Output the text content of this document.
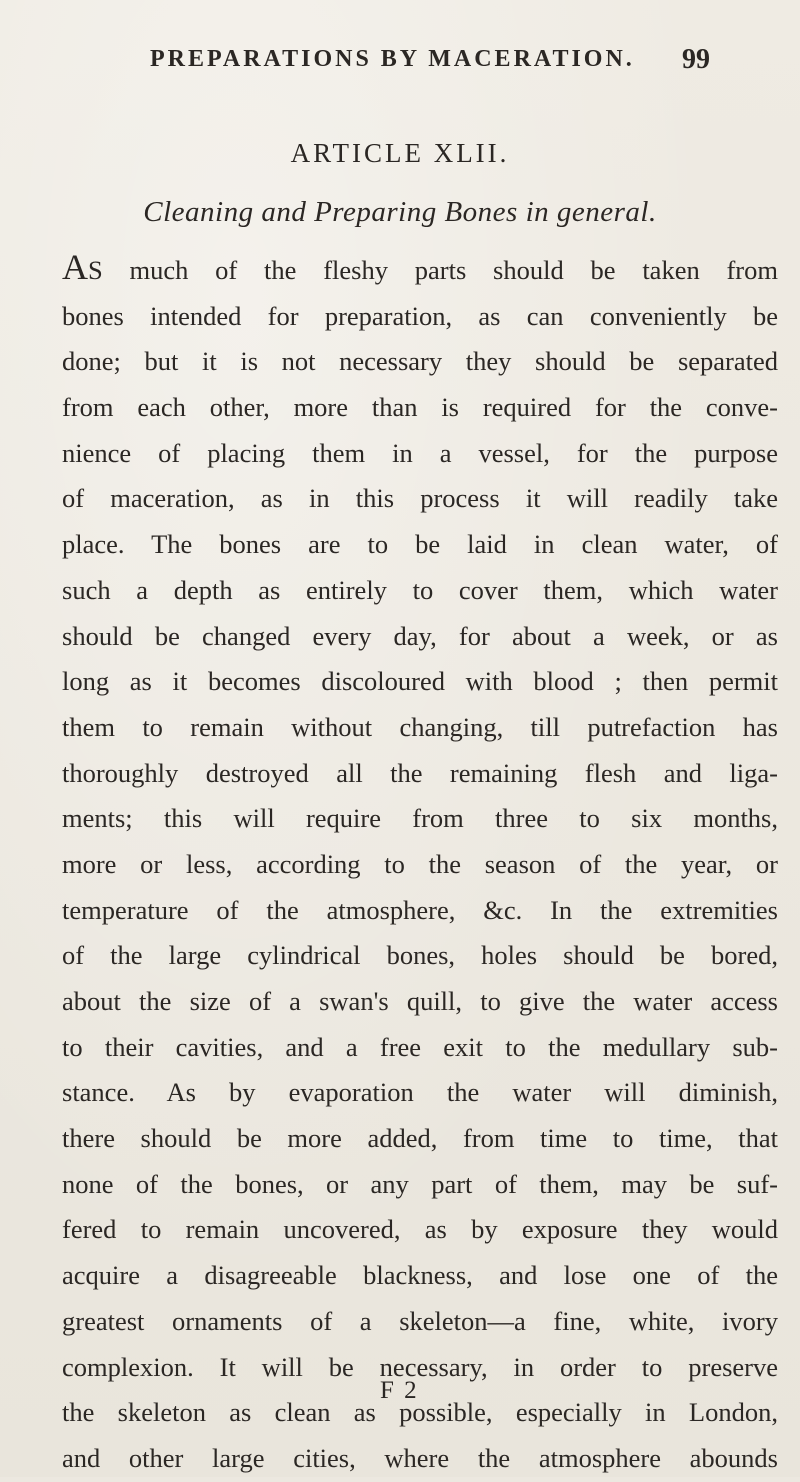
PREPARATIONS BY MACERATION. 99
ARTICLE XLII.
Cleaning and Preparing Bones in general.
AS much of the fleshy parts should be taken from
bones intended for preparation, as can conveniently be
done; but it is not necessary they should be separated
from each other, more than is required for the conve-
nience of placing them in a vessel, for the purpose
of maceration, as in this process it will readily take
place. The bones are to be laid in clean water, of
such a depth as entirely to cover them, which water
should be changed every day, for about a week, or as
long as it becomes discoloured with blood ; then permit
them to remain without changing, till putrefaction has
thoroughly destroyed all the remaining flesh and liga-
ments; this will require from three to six months,
more or less, according to the season of the year, or
temperature of the atmosphere, &c. In the extremities
of the large cylindrical bones, holes should be bored,
about the size of a swan's quill, to give the water access
to their cavities, and a free exit to the medullary sub-
stance. As by evaporation the water will diminish,
there should be more added, from time to time, that
none of the bones, or any part of them, may be suf-
fered to remain uncovered, as by exposure they would
acquire a disagreeable blackness, and lose one of the
greatest ornaments of a skeleton—a fine, white, ivory
complexion. It will be necessary, in order to preserve
the skeleton as clean as possible, especially in London,
and other large cities, where the atmosphere abounds
F 2
